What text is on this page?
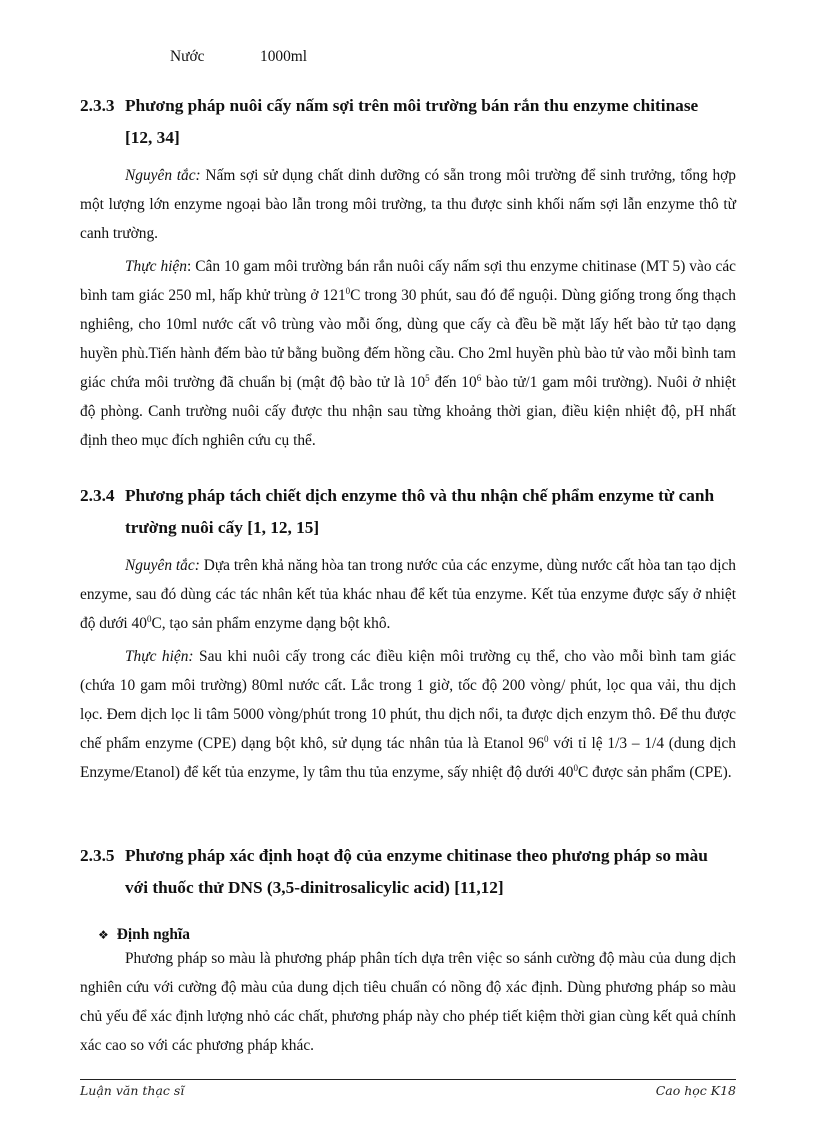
Nước	1000ml
2.3.3 Phương pháp nuôi cấy nấm sợi trên môi trường bán rắn thu enzyme chitinase
[12, 34]
Nguyên tắc: Nấm sợi sử dụng chất dinh dưỡng có sẵn trong môi trường để sinh trưởng, tổng hợp một lượng lớn enzyme ngoại bào lẫn trong môi trường, ta thu được sinh khối nấm sợi lẫn enzyme thô từ canh trường.
Thực hiện: Cân 10 gam môi trường bán rắn nuôi cấy nấm sợi thu enzyme chitinase (MT 5) vào các bình tam giác 250 ml, hấp khử trùng ở $121^0C$ trong 30 phút, sau đó để nguội. Dùng giống trong ống thạch nghiêng, cho 10ml nước cất vô trùng vào mỗi ống, dùng que cấy cà đều bề mặt lấy hết bào tử tạo dạng huyền phù.Tiến hành đếm bào tử bằng buồng đếm hồng cầu. Cho 2ml huyền phù bào tử vào mỗi bình tam giác chứa môi trường đã chuẩn bị (mật độ bào tử là $10^5$ đến $10^6$ bào tử/1 gam môi trường). Nuôi ở nhiệt độ phòng. Canh trường nuôi cấy được thu nhận sau từng khoảng thời gian, điều kiện nhiệt độ, pH nhất định theo mục đích nghiên cứu cụ thể.
2.3.4 Phương pháp tách chiết dịch enzyme thô và thu nhận chế phẩm enzyme từ canh
trường nuôi cấy [1, 12, 15]
Nguyên tắc: Dựa trên khả năng hòa tan trong nước của các enzyme, dùng nước cất hòa tan tạo dịch enzyme, sau đó dùng các tác nhân kết tủa khác nhau để kết tủa enzyme. Kết tủa enzyme được sấy ở nhiệt độ dưới $40^0C$, tạo sản phẩm enzyme dạng bột khô.
Thực hiện: Sau khi nuôi cấy trong các điều kiện môi trường cụ thể, cho vào mỗi bình tam giác (chứa 10 gam môi trường) 80ml nước cất. Lắc trong 1 giờ, tốc độ 200 vòng/ phút, lọc qua vải, thu dịch lọc. Đem dịch lọc li tâm 5000 vòng/phút trong 10 phút, thu dịch nổi, ta được dịch enzym thô. Để thu được chế phẩm enzyme (CPE) dạng bột khô, sử dụng tác nhân tủa là Etanol $96^0$ với tỉ lệ 1/3 – 1/4 (dung dịch Enzyme/Etanol) để kết tủa enzyme, ly tâm thu tủa enzyme, sấy nhiệt độ dưới $40^0C$ được sản phẩm (CPE).
2.3.5 Phương pháp xác định hoạt độ của enzyme chitinase theo phương pháp so màu
với thuốc thử DNS (3,5-dinitrosalicylic acid) [11,12]
❖ Định nghĩa
Phương pháp so màu là phương pháp phân tích dựa trên việc so sánh cường độ màu của dung dịch nghiên cứu với cường độ màu của dung dịch tiêu chuẩn có nồng độ xác định. Dùng phương pháp so màu chủ yếu để xác định lượng nhỏ các chất, phương pháp này cho phép tiết kiệm thời gian cùng kết quả chính xác cao so với các phương pháp khác.
Luận văn thạc sĩ	Cao học K18
